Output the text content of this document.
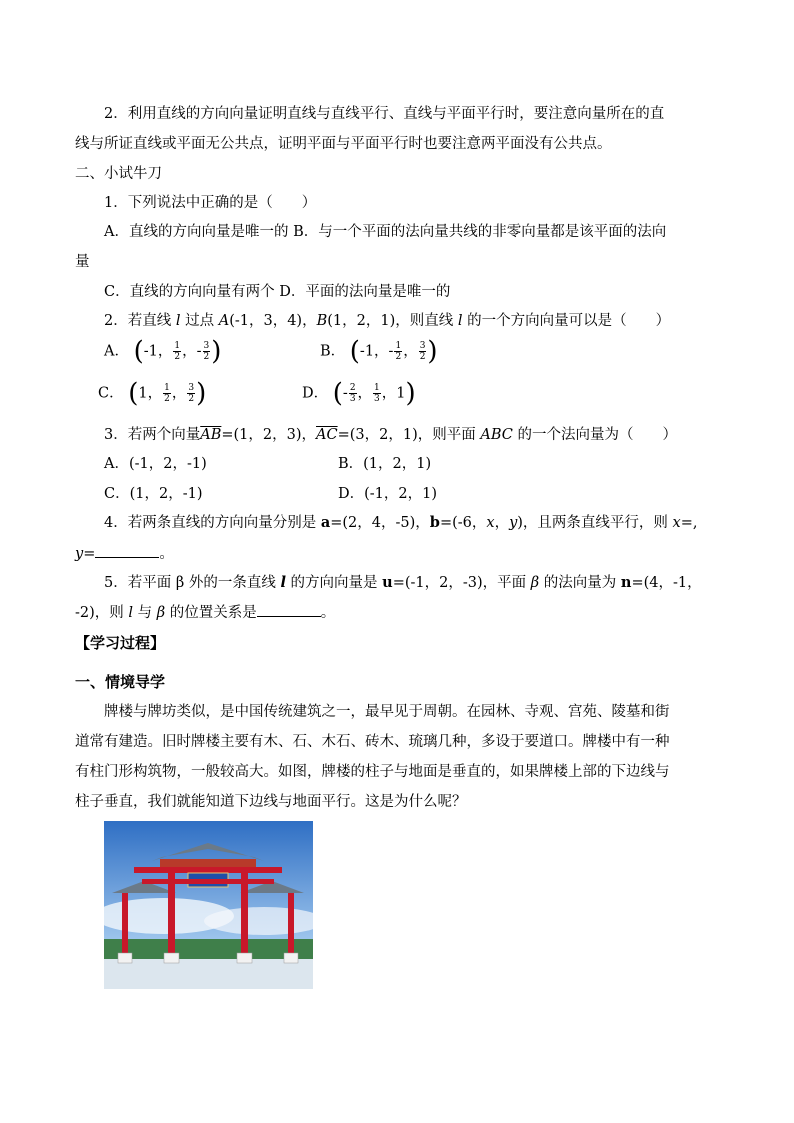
2．利用直线的方向向量证明直线与直线平行、直线与平面平行时，要注意向量所在的直
线与所证直线或平面无公共点，证明平面与平面平行时也要注意两平面没有公共点。
二、小试牛刀
1．下列说法中正确的是（　　）
A．直线的方向向量是唯一的 B．与一个平面的法向量共线的非零向量都是该平面的法向
量
C．直线的方向向量有两个 D．平面的法向量是唯一的
2．若直线 l 过点 A(-1，3，4)，B(1，2，1)，则直线 l 的一个方向向量可以是（　　）
A． (-1， $\frac{1}{2}$ ，- $\frac{3}{2}$ )	B． (-1，- $\frac{1}{2}$ ， $\frac{3}{2}$ )
C． (1， $\frac{1}{2}$ ， $\frac{3}{2}$ )	D． (- $\frac{2}{3}$ ， $\frac{1}{3}$ ，1)
3．若两个向量$\overline{AB}=(1$，2，3)，$\overline{AC}=(3$，2，1)，则平面 ABC 的一个法向量为（　　）
A．(-1，2，-1)	B．(1，2，1)
C．(1，2，-1)	D．(-1，2，1)
4．若两条直线的方向向量分别是 a=(2，4，-5)，b=(-6，x，y)，且两条直线平行，则 x=,
y=	。
5．若平面 β 外的一条直线 l 的方向向量是 u=(-1，2，-3)，平面 β 的法向量为 n=(4，-1，
-2)，则 l 与 β 的位置关系是	。
【学习过程】
一、情境导学
牌楼与牌坊类似，是中国传统建筑之一，最早见于周朝。在园林、寺观、宫苑、陵墓和街
道常有建造。旧时牌楼主要有木、石、木石、砖木、琉璃几种，多设于要道口。牌楼中有一种
有柱门形构筑物，一般较高大。如图，牌楼的柱子与地面是垂直的，如果牌楼上部的下边线与
柱子垂直，我们就能知道下边线与地面平行。这是为什么呢？
